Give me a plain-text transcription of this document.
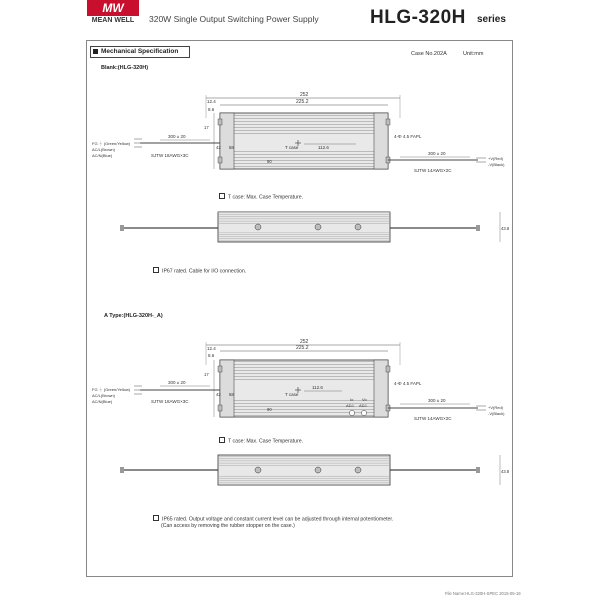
MW
MEAN WELL	320W Single Output Switching Power Supply	HLG-320H series
Mechanical Specification	Case No.202A	Unit:mm
Blank:(HLG-320H)
A Type:(HLG-320H-_A)
252
225.2
12.4
8.6
T case	112.6
17
42 58
90
4-Φ 4.5 FAPL
300 ± 20
FG ⏚ (Green/Yellow)
AC/L(Brown)
AC/N(Blue)	SJTW 18AWG×3C	300 ± 20
+V(Red)
-V(Black)
SJTW 14AWG×2C
43.8
252
225.2
12.4
8.6
T case
112.6
Io Vo
ADJ. ADJ.
17
42 58
90
4-Φ 4.5 FAPL
300 ± 20
FG ⏚ (Green/Yellow)
AC/L(Brown)
AC/N(Blue)	SJTW 18AWG×3C	300 ± 20
+V(Red)
-V(Black)
SJTW 14AWG×2C
43.8
T case: Max. Case Temperature.
IP67 rated. Cable for I/O connection.
T case: Max. Case Temperature.
IP65 rated. Output voltage and constant current level can be adjusted through internal potentiometer.
(Can access by removing the rubber stopper on the case.)
File Name:HLG-320H-SPEC 2015-05-19
